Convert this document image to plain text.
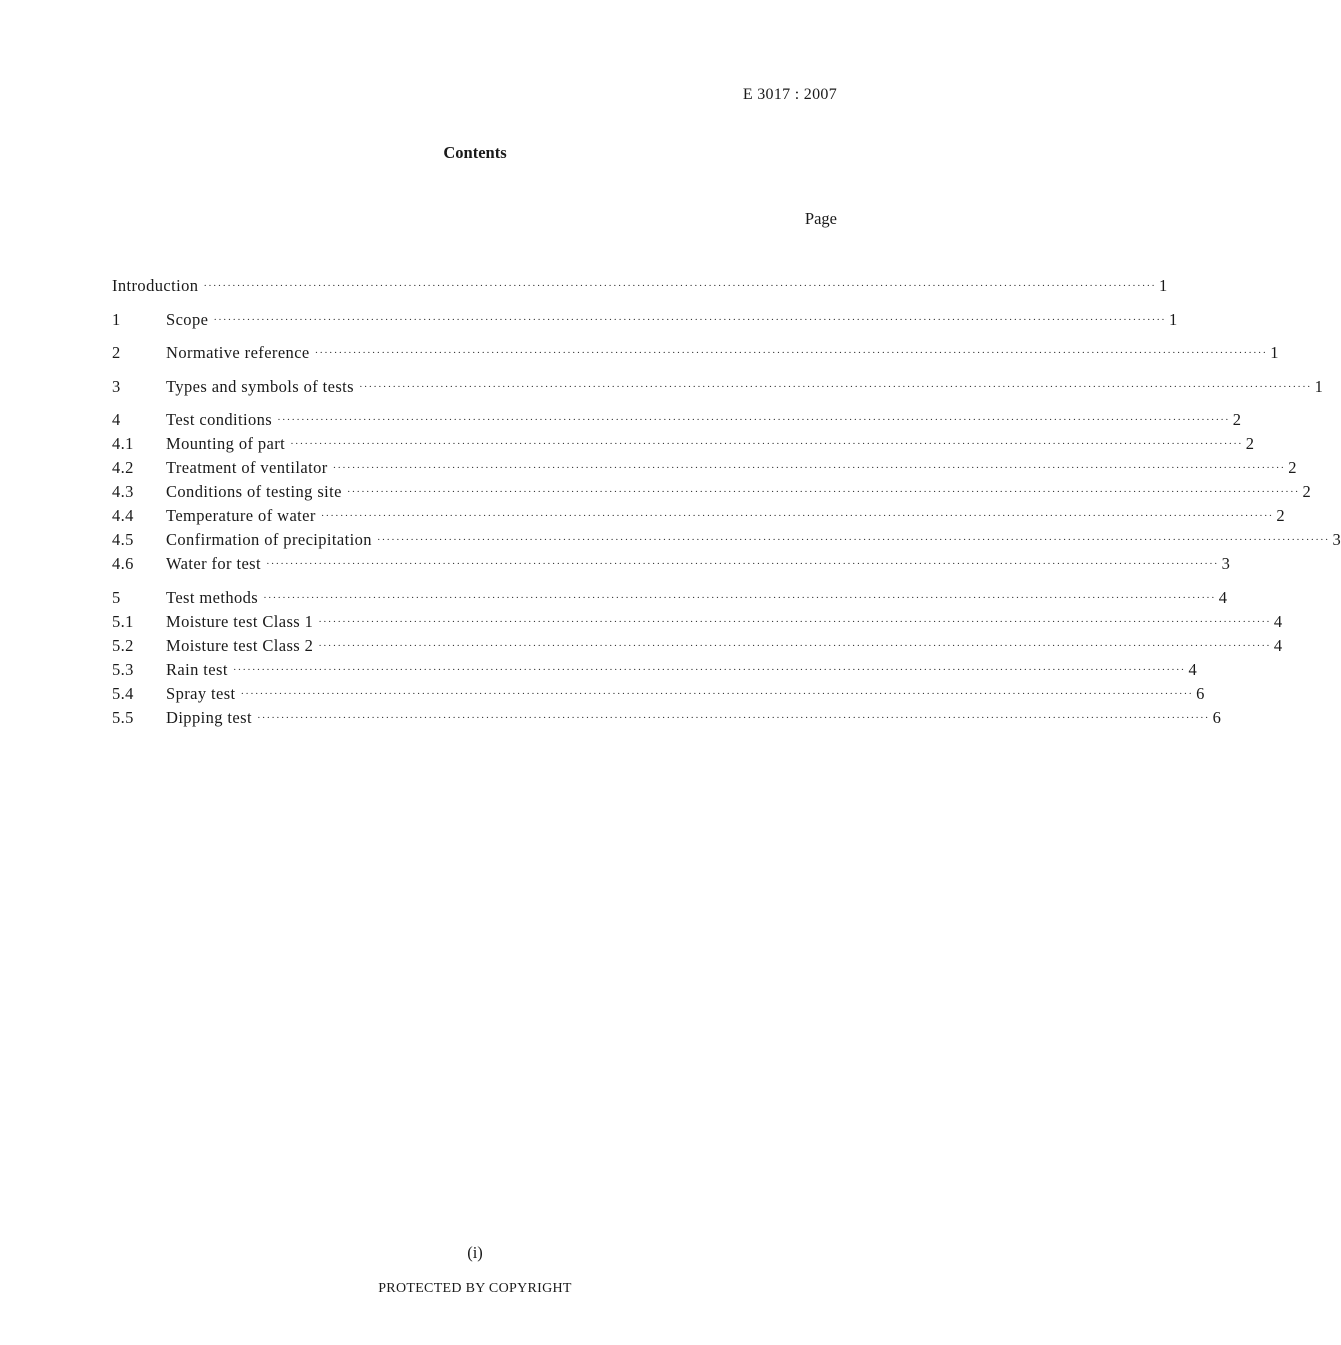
E 3017 : 2007
Contents
Page
Introduction ········································································································································································································ 1
1	Scope ········································································································································································································ 1
2	Normative reference ········································································································································································································ 1
3	Types and symbols of tests ········································································································································································································ 1
4	Test conditions ········································································································································································································ 2
4.1	Mounting of part ········································································································································································································ 2
4.2	Treatment of ventilator ········································································································································································································ 2
4.3	Conditions of testing site ········································································································································································································ 2
4.4	Temperature of water ········································································································································································································ 2
4.5	Confirmation of precipitation ········································································································································································································ 3
4.6	Water for test ········································································································································································································ 3
5	Test methods ········································································································································································································ 4
5.1	Moisture test Class 1 ········································································································································································································ 4
5.2	Moisture test Class 2 ········································································································································································································ 4
5.3	Rain test ········································································································································································································ 4
5.4	Spray test ········································································································································································································ 6
5.5	Dipping test ········································································································································································································ 6
(i)
PROTECTED BY COPYRIGHT
